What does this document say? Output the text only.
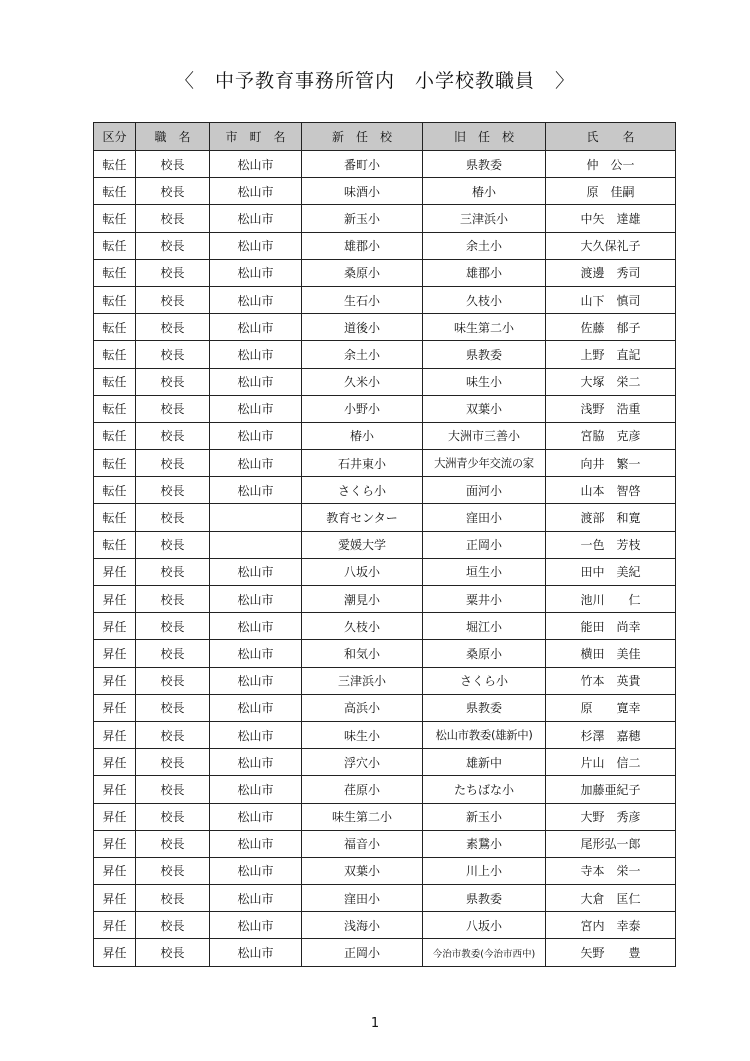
〈　中予教育事務所管内　小学校教職員　〉
区分	職　名	市　町　名	新　任　校	旧　任　校	氏　　名
転任	校長	松山市	番町小	県教委	仲　公一
転任	校長	松山市	味酒小	椿小	原　佳嗣
転任	校長	松山市	新玉小	三津浜小	中矢　達雄
転任	校長	松山市	雄郡小	余土小	大久保礼子
転任	校長	松山市	桑原小	雄郡小	渡邊　秀司
転任	校長	松山市	生石小	久枝小	山下　慎司
転任	校長	松山市	道後小	味生第二小	佐藤　郁子
転任	校長	松山市	余土小	県教委	上野　直記
転任	校長	松山市	久米小	味生小	大塚　栄二
転任	校長	松山市	小野小	双葉小	浅野　浩重
転任	校長	松山市	椿小	大洲市三善小	宮脇　克彦
転任	校長	松山市	石井東小	大洲青少年交流の家	向井　繁一
転任	校長	松山市	さくら小	面河小	山本　智啓
転任	校長		教育センター	窪田小	渡部　和寛
転任	校長		愛媛大学	正岡小	一色　芳枝
昇任	校長	松山市	八坂小	垣生小	田中　美紀
昇任	校長	松山市	潮見小	粟井小	池川　　仁
昇任	校長	松山市	久枝小	堀江小	能田　尚幸
昇任	校長	松山市	和気小	桑原小	横田　美佳
昇任	校長	松山市	三津浜小	さくら小	竹本　英貴
昇任	校長	松山市	高浜小	県教委	原　　寛幸
昇任	校長	松山市	味生小	松山市教委(雄新中)	杉澤　嘉穂
昇任	校長	松山市	浮穴小	雄新中	片山　信二
昇任	校長	松山市	荏原小	たちばな小	加藤亜紀子
昇任	校長	松山市	味生第二小	新玉小	大野　秀彦
昇任	校長	松山市	福音小	素鵞小	尾形弘一郎
昇任	校長	松山市	双葉小	川上小	寺本　栄一
昇任	校長	松山市	窪田小	県教委	大倉　匡仁
昇任	校長	松山市	浅海小	八坂小	宮内　幸泰
昇任	校長	松山市	正岡小	今治市教委(今治市西中)	矢野　　豊
1
